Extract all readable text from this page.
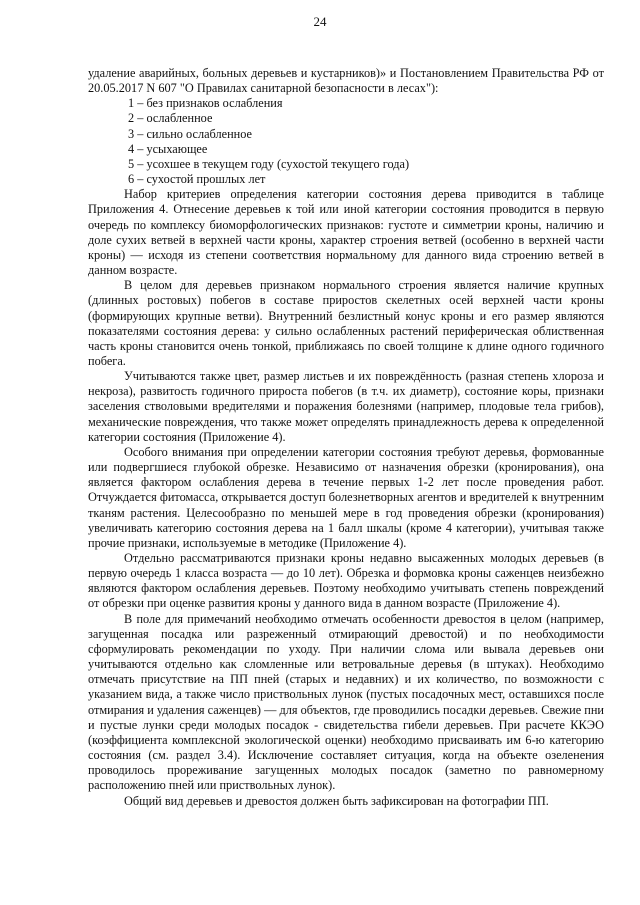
24

удаление аварийных, больных деревьев и кустарников)» и Постановлением Правительства РФ от 20.05.2017 N 607 "О Правилах санитарной безопасности в лесах"):

1 – без признаков ослабления
2 – ослабленное
3 – сильно ослабленное
4 – усыхающее
5 – усохшее в текущем году (сухостой текущего года)
6 – сухостой прошлых лет

Набор критериев определения категории состояния дерева приводится в таблице Приложения 4. Отнесение деревьев к той или иной категории состояния проводится в первую очередь по комплексу биоморфологических признаков: густоте и симметрии кроны, наличию и доле сухих ветвей в верхней части кроны, характер строения ветвей (особенно в верхней части кроны) — исходя из степени соответствия нормальному для данного вида строению ветвей в данном возрасте.

В целом для деревьев признаком нормального строения является наличие крупных (длинных ростовых) побегов в составе приростов скелетных осей верхней части кроны (формирующих крупные ветви). Внутренний безлистный конус кроны и его размер являются показателями состояния дерева: у сильно ослабленных растений периферическая облиственная часть кроны становится очень тонкой, приближаясь по своей толщине к длине одного годичного побега.

Учитываются также цвет, размер листьев и их повреждённость (разная степень хлороза и некроза), развитость годичного прироста побегов (в т.ч. их диаметр), состояние коры, признаки заселения стволовыми вредителями и поражения болезнями (например, плодовые тела грибов), механические повреждения, что также может определять принадлежность дерева к определенной категории состояния (Приложение 4).

Особого внимания при определении категории состояния требуют деревья, формованные или подвергшиеся глубокой обрезке. Независимо от назначения обрезки (кронирования), она является фактором ослабления дерева в течение первых 1-2 лет после проведения работ. Отчуждается фитомасса, открывается доступ болезнетворных агентов и вредителей к внутренним тканям растения. Целесообразно по меньшей мере в год проведения обрезки (кронирования) увеличивать категорию состояния дерева на 1 балл шкалы (кроме 4 категории), учитывая также прочие признаки, используемые в методике (Приложение 4).

Отдельно рассматриваются признаки кроны недавно высаженных молодых деревьев (в первую очередь 1 класса возраста — до 10 лет). Обрезка и формовка кроны саженцев неизбежно являются фактором ослабления деревьев. Поэтому необходимо учитывать степень повреждений от обрезки при оценке развития кроны у данного вида в данном возрасте (Приложение 4).

В поле для примечаний необходимо отмечать особенности древостоя в целом (например, загущенная посадка или разреженный отмирающий древостой) и по необходимости сформулировать рекомендации по уходу. При наличии слома или вывала деревьев они учитываются отдельно как сломленные или ветровальные деревья (в штуках). Необходимо отмечать присутствие на ПП пней (старых и недавних) и их количество, по возможности с указанием вида, а также число приствольных лунок (пустых посадочных мест, оставшихся после отмирания и удаления саженцев) — для объектов, где проводились посадки деревьев. Свежие пни и пустые лунки среди молодых посадок - свидетельства гибели деревьев. При расчете ККЭО (коэффициента комплексной экологической оценки) необходимо присваивать им 6-ю категорию состояния (см. раздел 3.4). Исключение составляет ситуация, когда на объекте озеленения проводилось прореживание загущенных молодых посадок (заметно по равномерному расположению пней или приствольных лунок).

Общий вид деревьев и древостоя должен быть зафиксирован на фотографии ПП.
